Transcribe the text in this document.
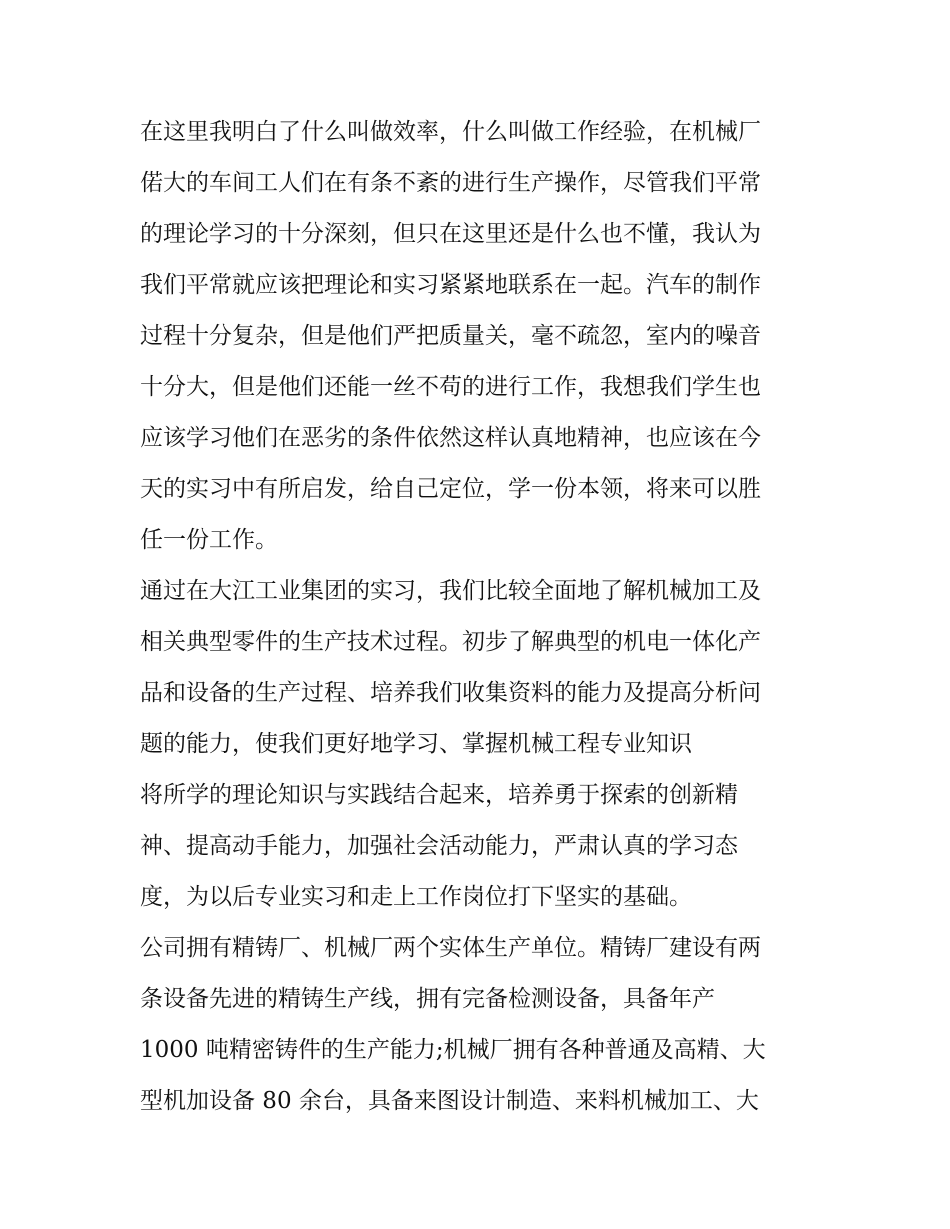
在这里我明白了什么叫做效率，什么叫做工作经验，在机械厂
偌大的车间工人们在有条不紊的进行生产操作，尽管我们平常
的理论学习的十分深刻，但只在这里还是什么也不懂，我认为
我们平常就应该把理论和实习紧紧地联系在一起。汽车的制作
过程十分复杂，但是他们严把质量关，毫不疏忽，室内的噪音
十分大，但是他们还能一丝不苟的进行工作，我想我们学生也
应该学习他们在恶劣的条件依然这样认真地精神，也应该在今
天的实习中有所启发，给自己定位，学一份本领，将来可以胜
任一份工作。
通过在大江工业集团的实习，我们比较全面地了解机械加工及
相关典型零件的生产技术过程。初步了解典型的机电一体化产
品和设备的生产过程、培养我们收集资料的能力及提高分析问
题的能力，使我们更好地学习、掌握机械工程专业知识
将所学的理论知识与实践结合起来，培养勇于探索的创新精
神、提高动手能力，加强社会活动能力，严肃认真的学习态
度，为以后专业实习和走上工作岗位打下坚实的基础。
公司拥有精铸厂、机械厂两个实体生产单位。精铸厂建设有两
条设备先进的精铸生产线，拥有完备检测设备，具备年产
1000 吨精密铸件的生产能力;机械厂拥有各种普通及高精、大
型机加设备 80 余台，具备来图设计制造、来料机械加工、大
